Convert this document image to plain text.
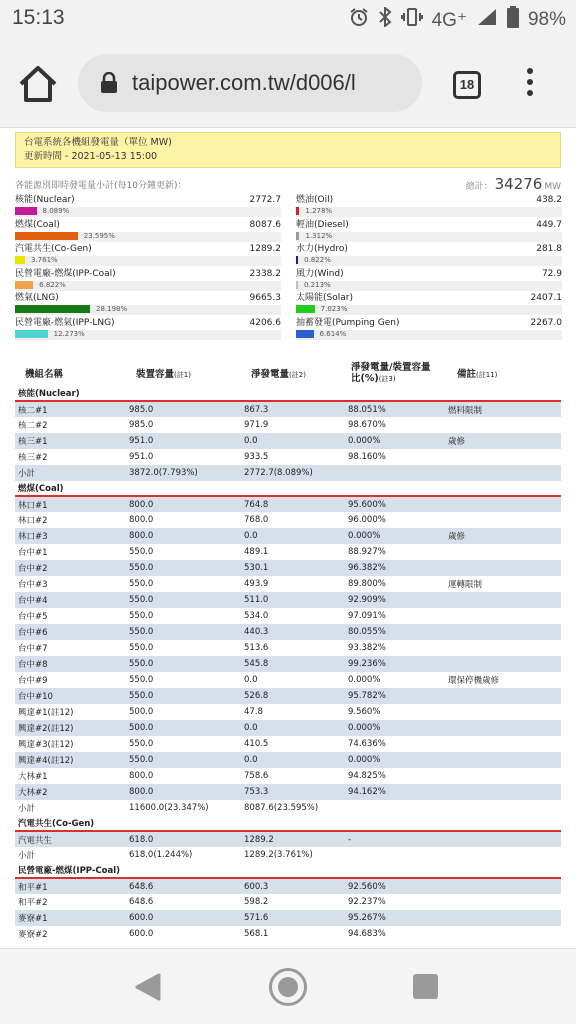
15:13	4G⁺	98%
taipower.com.tw/d006/l	18
台電系統各機組發電量（單位 MW)
更新時間 - 2021-05-13 15:00
各能源別即時發電量小計(每10分鐘更新)：	總計： 34276 MW
核能(Nuclear)	2772.7
8.089%
燃煤(Coal)	8087.6
23.595%
汽電共生(Co-Gen)	1289.2
3.761%
民營電廠-燃煤(IPP-Coal)	2338.2
6.822%
燃氣(LNG)	9665.3
28.198%
民營電廠-燃氣(IPP-LNG)	4206.6
12.273%
燃油(Oil)	438.2
1.278%
輕油(Diesel)	449.7
1.312%
水力(Hydro)	281.8
0.822%
風力(Wind)	72.9
0.213%
太陽能(Solar)	2407.1
7.023%
抽蓄發電(Pumping Gen)	2267.0
6.614%
機組名稱	裝置容量(註1)	淨發電量(註2)	淨發電量/裝置容量
比(%)(註3)	備註(註11)
核能(Nuclear)				
核二#1	985.0	867.3	88.051%	燃料限制
核二#2	985.0	971.9	98.670%	
核三#1	951.0	0.0	0.000%	歲修
核三#2	951.0	933.5	98.160%	
小計	3872.0(7.793%)	2772.7(8.089%)		
燃煤(Coal)				
林口#1	800.0	764.8	95.600%	
林口#2	800.0	768.0	96.000%	
林口#3	800.0	0.0	0.000%	歲修
台中#1	550.0	489.1	88.927%	
台中#2	550.0	530.1	96.382%	
台中#3	550.0	493.9	89.800%	運轉限制
台中#4	550.0	511.0	92.909%	
台中#5	550.0	534.0	97.091%	
台中#6	550.0	440.3	80.055%	
台中#7	550.0	513.6	93.382%	
台中#8	550.0	545.8	99.236%	
台中#9	550.0	0.0	0.000%	環保停機歲修
台中#10	550.0	526.8	95.782%	
興達#1(註12)	500.0	47.8	9.560%	
興達#2(註12)	500.0	0.0	0.000%	
興達#3(註12)	550.0	410.5	74.636%	
興達#4(註12)	550.0	0.0	0.000%	
大林#1	800.0	758.6	94.825%	
大林#2	800.0	753.3	94.162%	
小計	11600.0(23.347%)	8087.6(23.595%)		
汽電共生(Co-Gen)				
汽電共生	618.0	1289.2	-	
小計	618.0(1.244%)	1289.2(3.761%)		
民營電廠-燃煤(IPP-Coal)				
和平#1	648.6	600.3	92.560%	
和平#2	648.6	598.2	92.237%	
麥寮#1	600.0	571.6	95.267%	
麥寮#2	600.0	568.1	94.683%	
